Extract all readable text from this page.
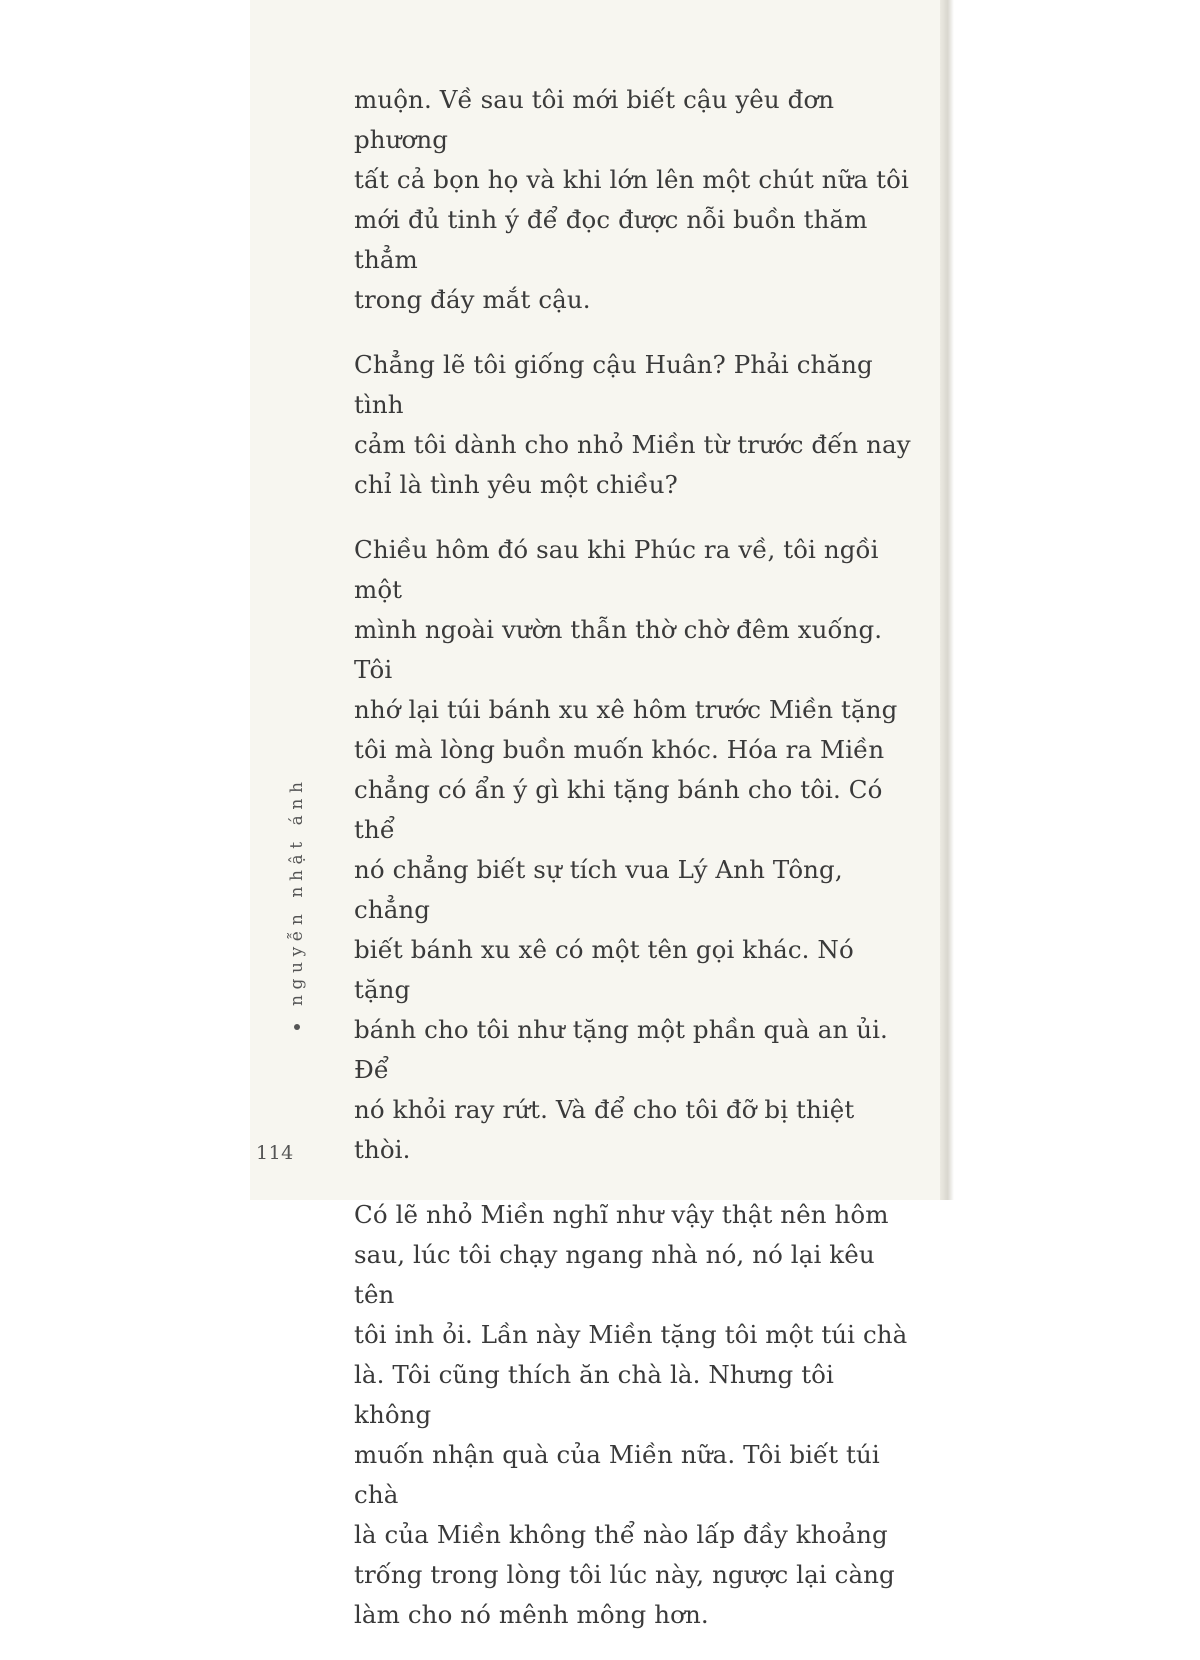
muộn. Về sau tôi mới biết cậu yêu đơn phương
tất cả bọn họ và khi lớn lên một chút nữa tôi
mới đủ tinh ý để đọc được nỗi buồn thăm thẳm
trong đáy mắt cậu.

Chẳng lẽ tôi giống cậu Huân? Phải chăng tình
cảm tôi dành cho nhỏ Miền từ trước đến nay
chỉ là tình yêu một chiều?

Chiều hôm đó sau khi Phúc ra về, tôi ngồi một
mình ngoài vườn thẫn thờ chờ đêm xuống. Tôi
nhớ lại túi bánh xu xê hôm trước Miền tặng
tôi mà lòng buồn muốn khóc. Hóa ra Miền
chẳng có ẩn ý gì khi tặng bánh cho tôi. Có thể
nó chẳng biết sự tích vua Lý Anh Tông, chẳng
biết bánh xu xê có một tên gọi khác. Nó tặng
bánh cho tôi như tặng một phần quà an ủi. Để
nó khỏi ray rứt. Và để cho tôi đỡ bị thiệt thòi.

Có lẽ nhỏ Miền nghĩ như vậy thật nên hôm
sau, lúc tôi chạy ngang nhà nó, nó lại kêu tên
tôi inh ỏi. Lần này Miền tặng tôi một túi chà
là. Tôi cũng thích ăn chà là. Nhưng tôi không
muốn nhận quà của Miền nữa. Tôi biết túi chà
là của Miền không thể nào lấp đầy khoảng
trống trong lòng tôi lúc này, ngược lại càng
làm cho nó mênh mông hơn.

nguyễn nhật ánh
114
